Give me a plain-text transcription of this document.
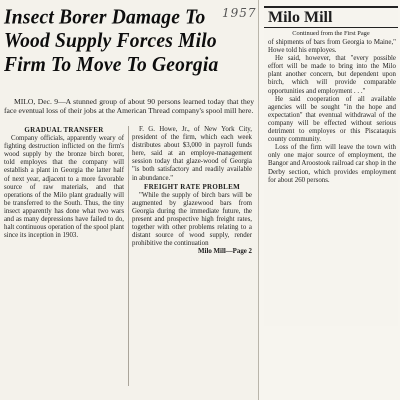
Insect Borer Damage To
Wood Supply Forces Milo
Firm To Move To Georgia
1957
MILO, Dec. 9—A stunned group of about 90 persons learned today that they face eventual loss of their jobs at the American Thread company's spool mill here.
GRADUAL TRANSFER

Company officials, apparently weary of fighting destruction inflicted on the firm's wood supply by the bronze birch borer, told employes that the company will establish a plant in Georgia the latter half of next year, adjacent to a more favorable source of raw materials, and that operations of the Milo plant gradually will be transferred to the South. Thus, the tiny insect apparently has done what two wars and as many depressions have failed to do, halt continuous operation of the spool plant since its inception in 1903.

F. G. Howe, Jr., of New York City, president of the firm, which each week distributes about $3,000 in payroll funds here, said at an employe-management session today that glaze-wood of Georgia "is both satisfactory and readily available in abundance."

FREIGHT RATE PROBLEM

"While the supply of birch bars will be augmented by glazewood bars from Georgia during the immediate future, the present and prospective high freight rates, together with other problems relating to a distant source of wood supply, render prohibitive the continuation

Milo Mill—Page 2
Milo Mill
Continued from the First Page

of shipments of bars from Georgia to Maine," Howe told his employes.

He said, however, that "every possible effort will be made to bring into the Milo plant another concern, but dependent upon birch, which will provide comparable opportunities and employment . . ."

He said cooperation of all available agencies will be sought "in the hope and expectation" that eventual withdrawal of the company will be effected without serious detriment to employes or this Piscataquis county community.

Loss of the firm will leave the town with only one major source of employment, the Bangor and Aroostook railroad car shop in the Derby section, which provides employment for about 260 persons.
